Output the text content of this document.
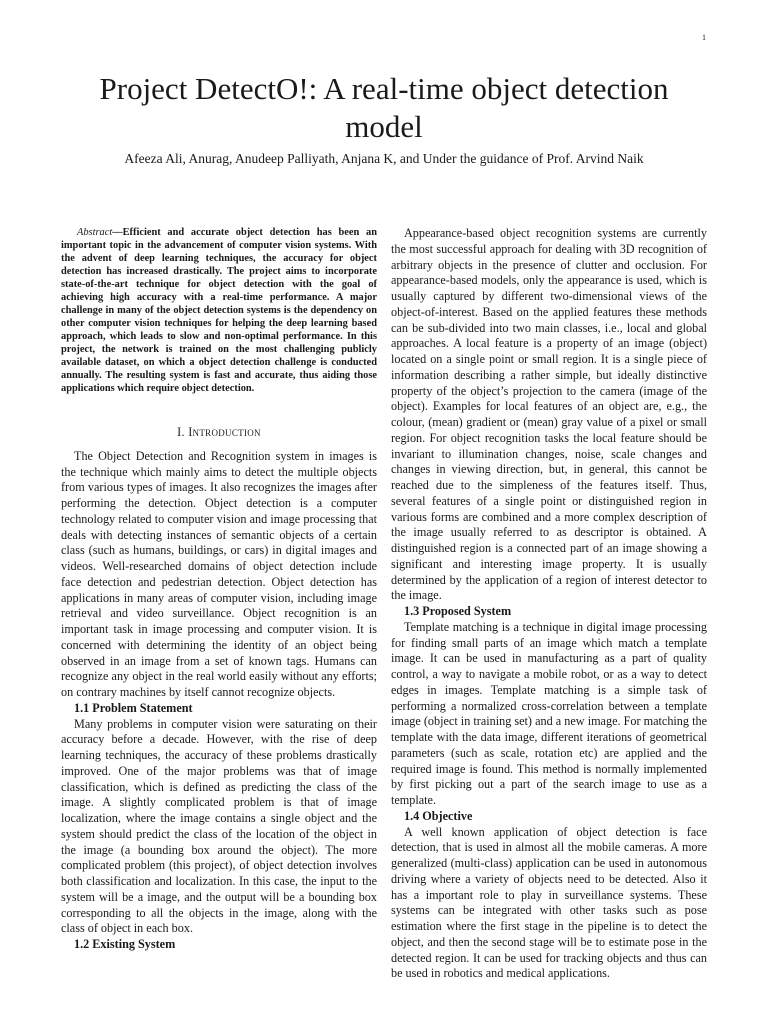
1
Project DetectO!: A real-time object detection model
Afeeza Ali, Anurag, Anudeep Palliyath, Anjana K, and Under the guidance of Prof. Arvind Naik

Abstract—Efficient and accurate object detection has been an important topic in the advancement of computer vision systems. With the advent of deep learning techniques, the accuracy for object detection has increased drastically. The project aims to incorporate state-of-the-art technique for object detection with the goal of achieving high accuracy with a real-time performance. A major challenge in many of the object detection systems is the dependency on other computer vision techniques for helping the deep learning based approach, which leads to slow and non-optimal performance. In this project, the network is trained on the most challenging publicly available dataset, on which a object detection challenge is conducted annually. The resulting system is fast and accurate, thus aiding those applications which require object detection.

I. Introduction

The Object Detection and Recognition system in images is the technique which mainly aims to detect the multiple objects from various types of images. It also recognizes the images after performing the detection. Object detection is a computer technology related to computer vision and image processing that deals with detecting instances of semantic objects of a certain class (such as humans, buildings, or cars) in digital images and videos. Well-researched domains of object detection include face detection and pedestrian detection. Object detection has applications in many areas of computer vision, including image retrieval and video surveillance. Object recognition is an important task in image processing and computer vision. It is concerned with determining the identity of an object being observed in an image from a set of known tags. Humans can recognize any object in the real world easily without any efforts; on contrary machines by itself cannot recognize objects.

1.1 Problem Statement

Many problems in computer vision were saturating on their accuracy before a decade. However, with the rise of deep learning techniques, the accuracy of these problems drastically improved. One of the major problems was that of image classification, which is defined as predicting the class of the image. A slightly complicated problem is that of image localization, where the image contains a single object and the system should predict the class of the location of the object in the image (a bounding box around the object). The more complicated problem (this project), of object detection involves both classification and localization. In this case, the input to the system will be a image, and the output will be a bounding box corresponding to all the objects in the image, along with the class of object in each box.

1.2 Existing System

Appearance-based object recognition systems are currently the most successful approach for dealing with 3D recognition of arbitrary objects in the presence of clutter and occlusion. For appearance-based models, only the appearance is used, which is usually captured by different two-dimensional views of the object-of-interest. Based on the applied features these methods can be sub-divided into two main classes, i.e., local and global approaches. A local feature is a property of an image (object) located on a single point or small region. It is a single piece of information describing a rather simple, but ideally distinctive property of the object’s projection to the camera (image of the object). Examples for local features of an object are, e.g., the colour, (mean) gradient or (mean) gray value of a pixel or small region. For object recognition tasks the local feature should be invariant to illumination changes, noise, scale changes and changes in viewing direction, but, in general, this cannot be reached due to the simpleness of the features itself. Thus, several features of a single point or distinguished region in various forms are combined and a more complex description of the image usually referred to as descriptor is obtained. A distinguished region is a connected part of an image showing a significant and interesting image property. It is usually determined by the application of a region of interest detector to the image.

1.3 Proposed System

Template matching is a technique in digital image processing for finding small parts of an image which match a template image. It can be used in manufacturing as a part of quality control, a way to navigate a mobile robot, or as a way to detect edges in images. Template matching is a simple task of performing a normalized cross-correlation between a template image (object in training set) and a new image. For matching the template with the data image, different iterations of geometrical parameters (such as scale, rotation etc) are applied and the required image is found. This method is normally implemented by first picking out a part of the search image to use as a template.

1.4 Objective

A well known application of object detection is face detection, that is used in almost all the mobile cameras. A more generalized (multi-class) application can be used in autonomous driving where a variety of objects need to be detected. Also it has a important role to play in surveillance systems. These systems can be integrated with other tasks such as pose estimation where the first stage in the pipeline is to detect the object, and then the second stage will be to estimate pose in the detected region. It can be used for tracking objects and thus can be used in robotics and medical applications.
